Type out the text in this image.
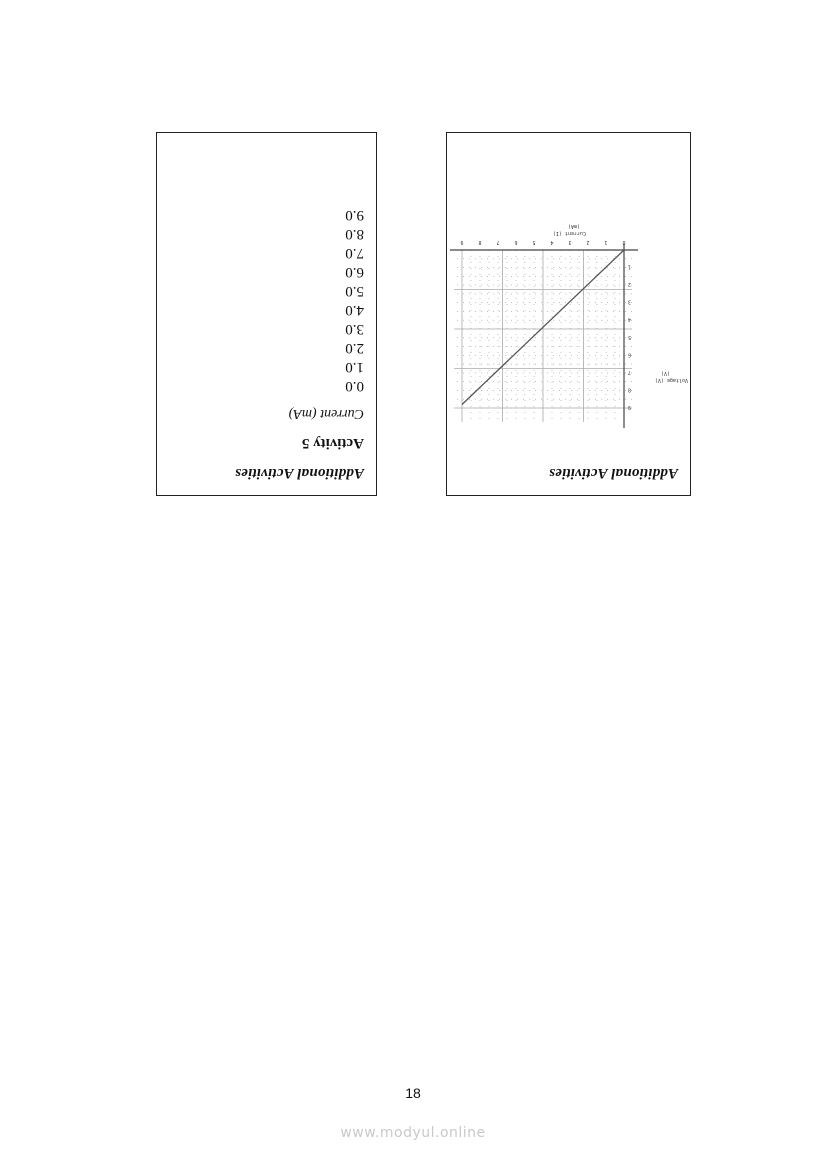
Additional Activities
Activity 5
Current (mA)
0.0
1.0
2.0
3.0
4.0
5.0
6.0
7.0
8.0
9.0
Additional Activities
0
1
2
3
4
5
6
7
8
9
1
2
3
4
5
6
7
8
9
Current (I)
(mA)
Voltage (V)
(V)
18
www.modyul.online
